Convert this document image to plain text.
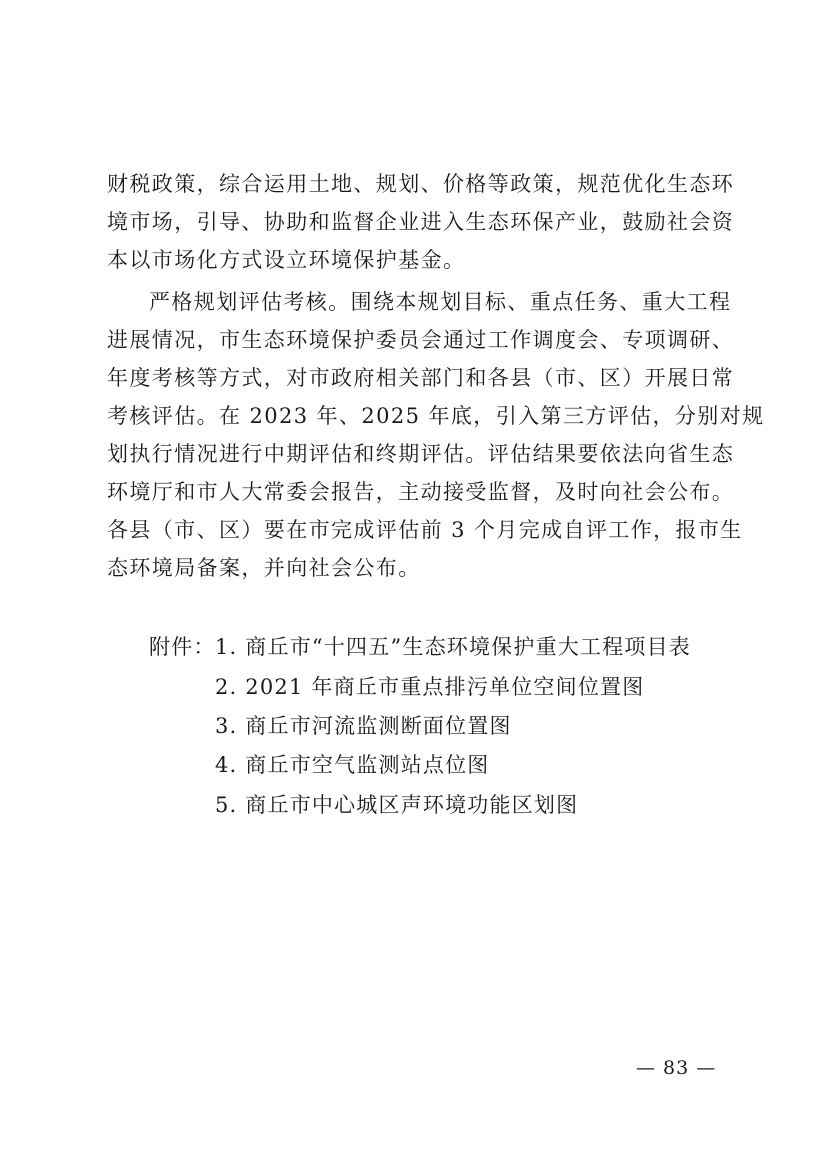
财税政策，综合运用土地、规划、价格等政策，规范优化生态环
境市场，引导、协助和监督企业进入生态环保产业，鼓励社会资
本以市场化方式设立环境保护基金。
严格规划评估考核。围绕本规划目标、重点任务、重大工程
进展情况，市生态环境保护委员会通过工作调度会、专项调研、
年度考核等方式，对市政府相关部门和各县（市、区）开展日常
考核评估。在 2023 年、2025 年底，引入第三方评估，分别对规
划执行情况进行中期评估和终期评估。评估结果要依法向省生态
环境厅和市人大常委会报告，主动接受监督，及时向社会公布。
各县（市、区）要在市完成评估前 3 个月完成自评工作，报市生
态环境局备案，并向社会公布。
附件： 1. 商丘市“十四五”生态环境保护重大工程项目表
2. 2021 年商丘市重点排污单位空间位置图
3. 商丘市河流监测断面位置图
4. 商丘市空气监测站点位图
5. 商丘市中心城区声环境功能区划图
— 83 —
